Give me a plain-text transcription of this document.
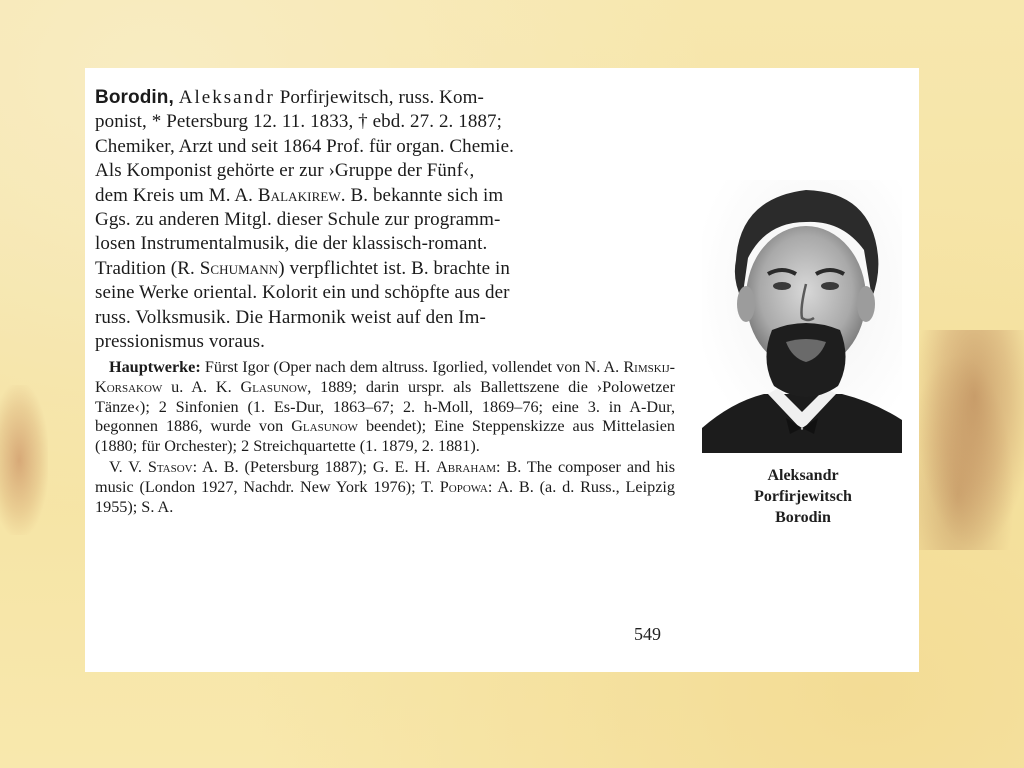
Borodin, Aleksandr Porfirjewitsch, russ. Kom-
ponist, * Petersburg 12. 11. 1833, † ebd. 27. 2. 1887;
Chemiker, Arzt und seit 1864 Prof. für organ. Chemie.
Als Komponist gehörte er zur ›Gruppe der Fünf‹,
dem Kreis um M. A. Balakirew. B. bekannte sich im
Ggs. zu anderen Mitgl. dieser Schule zur programm-
losen Instrumentalmusik, die der klassisch-romant.
Tradition (R. Schumann) verpflichtet ist. B. brachte in
seine Werke oriental. Kolorit ein und schöpfte aus der
russ. Volksmusik. Die Harmonik weist auf den Im-
pressionismus voraus.

Hauptwerke: Fürst Igor (Oper nach dem altruss. Igorlied, vollendet von N. A. Rimskij-Korsakow u. A. K. Glasunow, 1889; darin urspr. als Ballettszene die ›Polowetzer Tänze‹); 2 Sinfonien (1. Es-Dur, 1863–67; 2. h-Moll, 1869–76; eine 3. in A-Dur, begonnen 1886, wurde von Glasunow beendet); Eine Steppenskizze aus Mittelasien (1880; für Orchester); 2 Streichquartette (1. 1879, 2. 1881).

V. V. Stasov: A. B. (Petersburg 1887); G. E. H. Abraham: B. The composer and his music (London 1927, Nachdr. New York 1976); T. Popowa: A. B. (a. d. Russ., Leipzig 1955); S. A.

549
Aleksandr
Porfirjewitsch
Borodin
